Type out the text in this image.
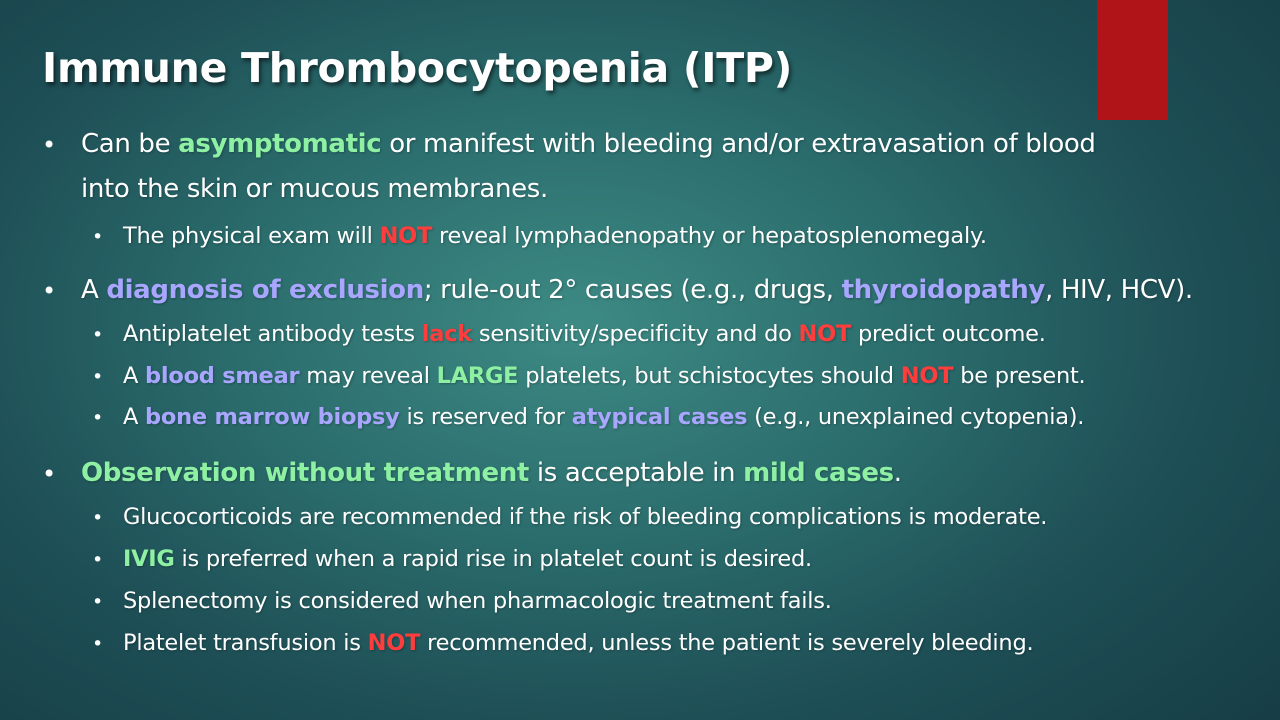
Immune Thrombocytopenia (ITP)
• Can be asymptomatic or manifest with bleeding and/or extravasation of blood
into the skin or mucous membranes.
• The physical exam will NOT reveal lymphadenopathy or hepatosplenomegaly.
• A diagnosis of exclusion; rule-out 2° causes (e.g., drugs, thyroidopathy, HIV, HCV).
• Antiplatelet antibody tests lack sensitivity/specificity and do NOT predict outcome.
• A blood smear may reveal LARGE platelets, but schistocytes should NOT be present.
• A bone marrow biopsy is reserved for atypical cases (e.g., unexplained cytopenia).
• Observation without treatment is acceptable in mild cases.
• Glucocorticoids are recommended if the risk of bleeding complications is moderate.
• IVIG is preferred when a rapid rise in platelet count is desired.
• Splenectomy is considered when pharmacologic treatment fails.
• Platelet transfusion is NOT recommended, unless the patient is severely bleeding.
